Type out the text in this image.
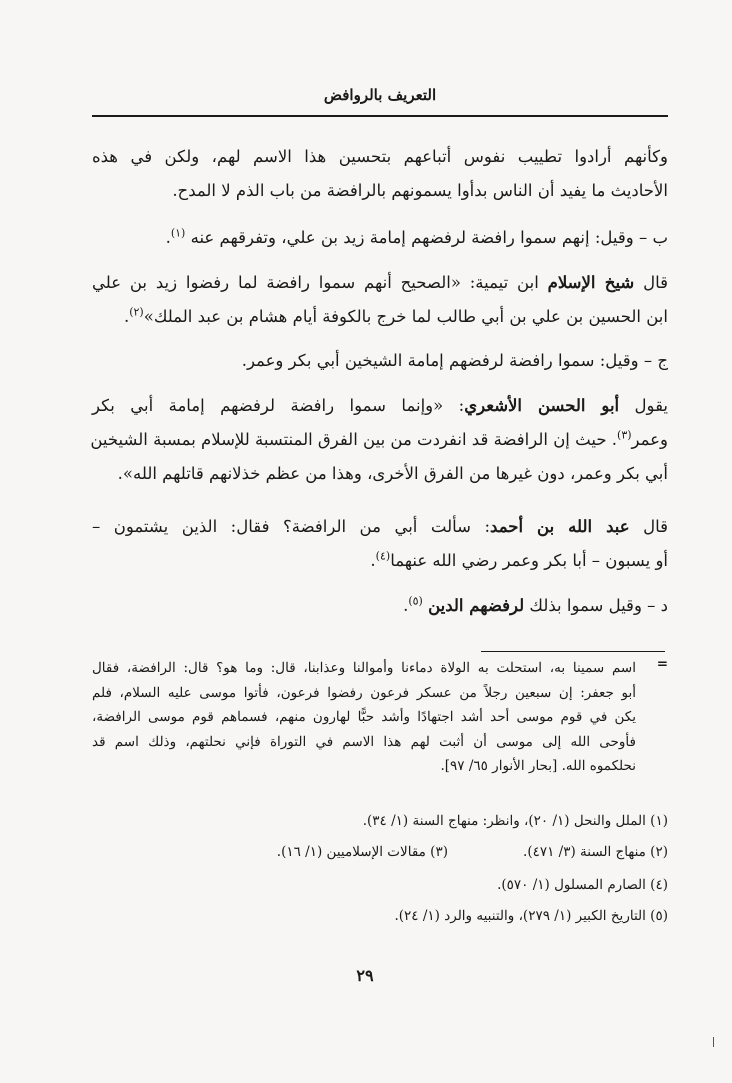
التعريف بالروافض
وكأنهم أرادوا تطييب نفوس أتباعهم بتحسين هذا الاسم لهم، ولكن في هذه
الأحاديث ما يفيد أن الناس بدأوا يسمونهم بالرافضة من باب الذم لا المدح.
ب – وقيل: إنهم سموا رافضة لرفضهم إمامة زيد بن علي، وتفرقهم عنه $^{(١)}$.
قال شيخ الإسلام ابن تيمية: «الصحيح أنهم سموا رافضة لما رفضوا زيد بن علي
ابن الحسين بن علي بن أبي طالب لما خرج بالكوفة أيام هشام بن عبد الملك»$^{(٢)}$.
ج – وقيل: سموا رافضة لرفضهم إمامة الشيخين أبي بكر وعمر.
يقول أبو الحسن الأشعري: «وإنما سموا رافضة لرفضهم إمامة أبي بكر
وعمر$^{(٣)}$. حيث إن الرافضة قد انفردت من بين الفرق المنتسبة للإسلام بمسبة الشيخين
أبي بكر وعمر، دون غيرها من الفرق الأخرى، وهذا من عظم خذلانهم قاتلهم الله».
قال عبد الله بن أحمد: سألت أبي من الرافضة؟ فقال: الذين يشتمون –
أو يسبون – أبا بكر وعمر رضي الله عنهما$^{(٤)}$.
د – وقيل سموا بذلك لرفضهم الدين $^{(٥)}$.
=
اسم سمينا به، استحلت به الولاة دماءنا وأموالنا وعذابنا، قال: وما هو؟ قال: الرافضة، فقال
أبو جعفر: إن سبعين رجلاً من عسكر فرعون رفضوا فرعون، فأتوا موسى عليه السلام، فلم
يكن في قوم موسى أحد أشد اجتهادًا وأشد حبًّا لهارون منهم، فسماهم قوم موسى الرافضة،
فأوحى الله إلى موسى أن أثبت لهم هذا الاسم في التوراة فإني نحلتهم، وذلك اسم قد
نحلكموه الله. [بحار الأنوار ٦٥/ ٩٧].
(١) الملل والنحل (١/ ٢٠)، وانظر: منهاج السنة (١/ ٣٤).
(٢) منهاج السنة (٣/ ٤٧١).
(٣) مقالات الإسلاميين (١/ ١٦).
(٤) الصارم المسلول (١/ ٥٧٠).
(٥) التاريخ الكبير (١/ ٢٧٩)، والتنبيه والرد (١/ ٢٤).
٢٩
